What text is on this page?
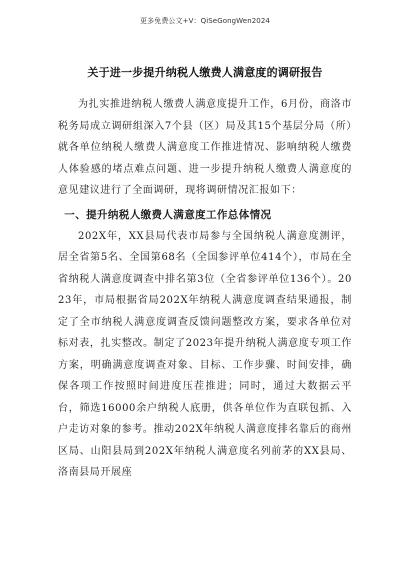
更多免费公文+V：QiSeGongWen2024
关于进一步提升纳税人缴费人满意度的调研报告

为扎实推进纳税人缴费人满意度提升工作，6月份，商洛市税务局成立调研组深入7个县（区）局及其15个基层分局（所）就各单位纳税人缴费人满意度工作推进情况、影响纳税人缴费人体验感的堵点难点问题、进一步提升纳税人缴费人满意度的意见建议进行了全面调研，现将调研情况汇报如下：

一、提升纳税人缴费人满意度工作总体情况

202X年，XX县局代表市局参与全国纳税人满意度测评，居全省第5名、全国第68名（全国参评单位414个），市局在全省纳税人满意度调查中排名第3位（全省参评单位136个）。2023年，市局根据省局202X年纳税人满意度调查结果通报，制定了全市纳税人满意度调查反馈问题整改方案，要求各单位对标对表，扎实整改。制定了2023年提升纳税人满意度专项工作方案，明确满意度调查对象、目标、工作步骤、时间安排，确保各项工作按照时间进度压茬推进；同时，通过大数据云平台，筛选16000余户纳税人底册，供各单位作为直联包抓、入户走访对象的参考。推动202X年纳税人满意度排名靠后的商州区局、山阳县局到202X年纳税人满意度名列前茅的XX县局、洛南县局开展座
